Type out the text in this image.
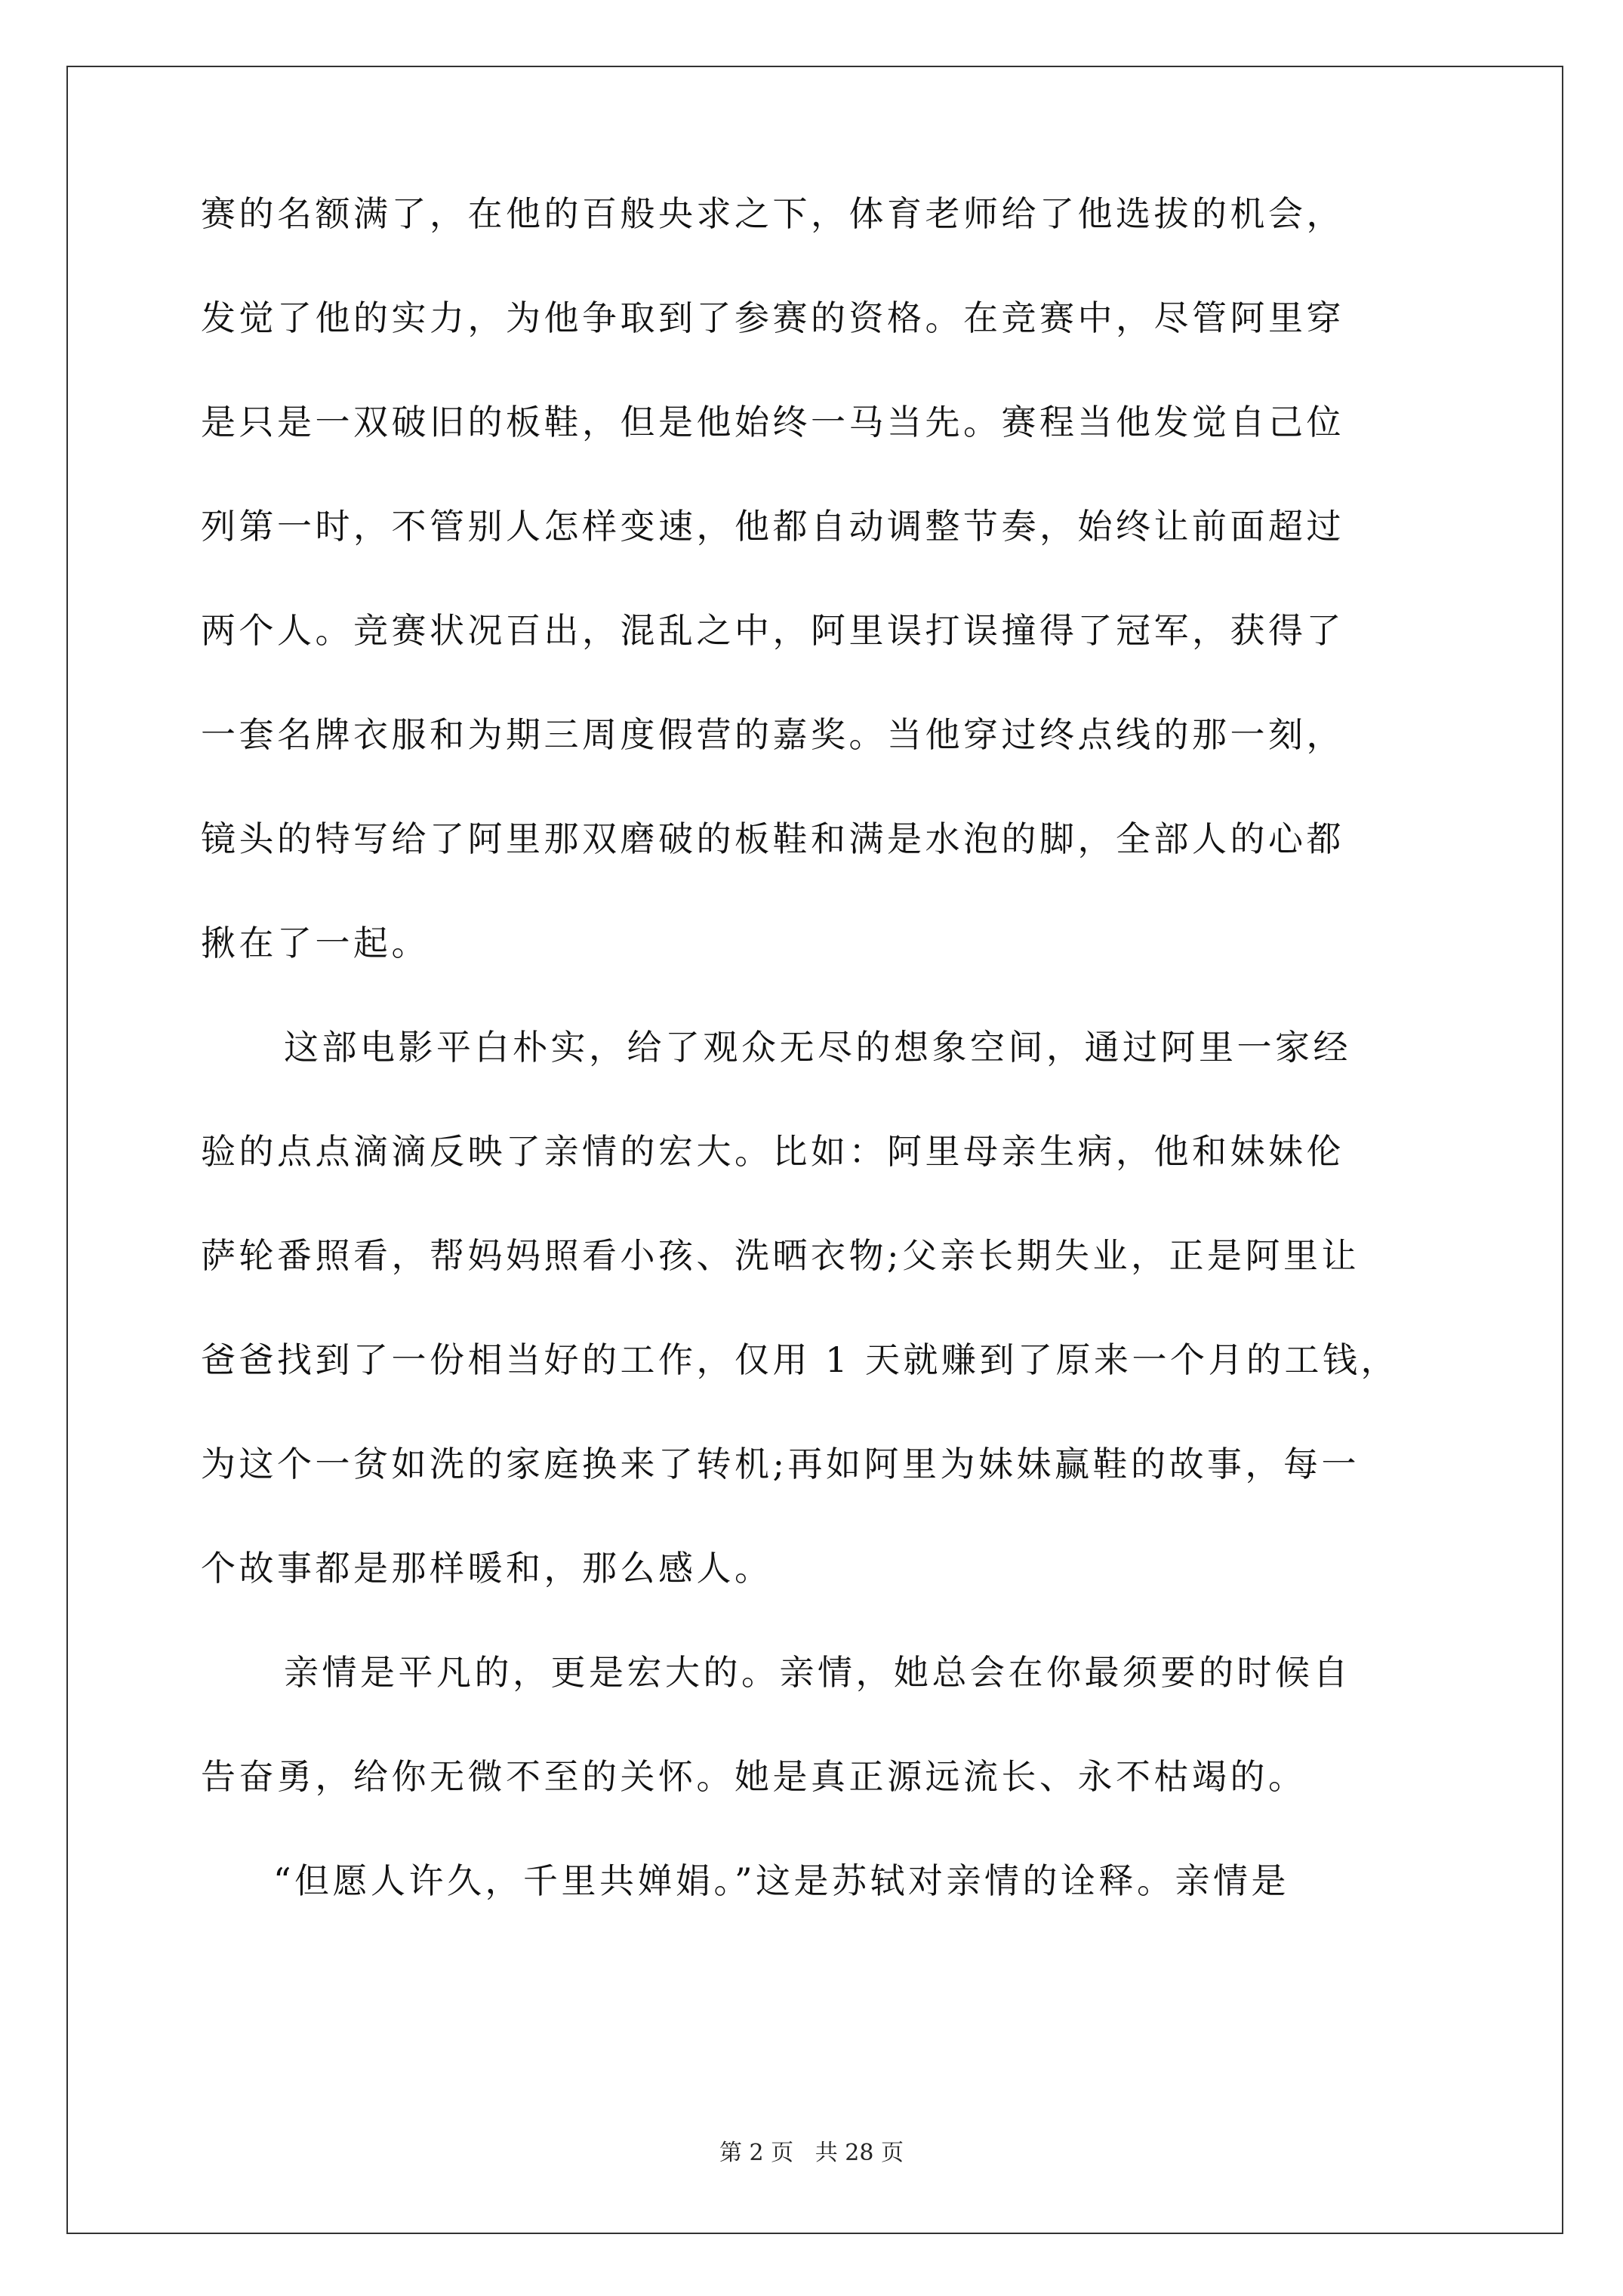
赛的名额满了，在他的百般央求之下，体育老师给了他选拔的机会，
发觉了他的实力，为他争取到了参赛的资格。在竞赛中，尽管阿里穿
是只是一双破旧的板鞋，但是他始终一马当先。赛程当他发觉自己位
列第一时，不管别人怎样变速，他都自动调整节奏，始终让前面超过
两个人。竞赛状况百出，混乱之中，阿里误打误撞得了冠军，获得了
一套名牌衣服和为期三周度假营的嘉奖。当他穿过终点线的那一刻，
镜头的特写给了阿里那双磨破的板鞋和满是水泡的脚，全部人的心都
揪在了一起。
这部电影平白朴实，给了观众无尽的想象空间，通过阿里一家经
验的点点滴滴反映了亲情的宏大。比如：阿里母亲生病，他和妹妹伦
萨轮番照看，帮妈妈照看小孩、洗晒衣物;父亲长期失业，正是阿里让
爸爸找到了一份相当好的工作，仅用 1 天就赚到了原来一个月的工钱，
为这个一贫如洗的家庭换来了转机;再如阿里为妹妹赢鞋的故事，每一
个故事都是那样暖和，那么感人。
亲情是平凡的，更是宏大的。亲情，她总会在你最须要的时候自
告奋勇，给你无微不至的关怀。她是真正源远流长、永不枯竭的。
“但愿人许久，千里共婵娟。”这是苏轼对亲情的诠释。亲情是
第 2 页   共 28 页
